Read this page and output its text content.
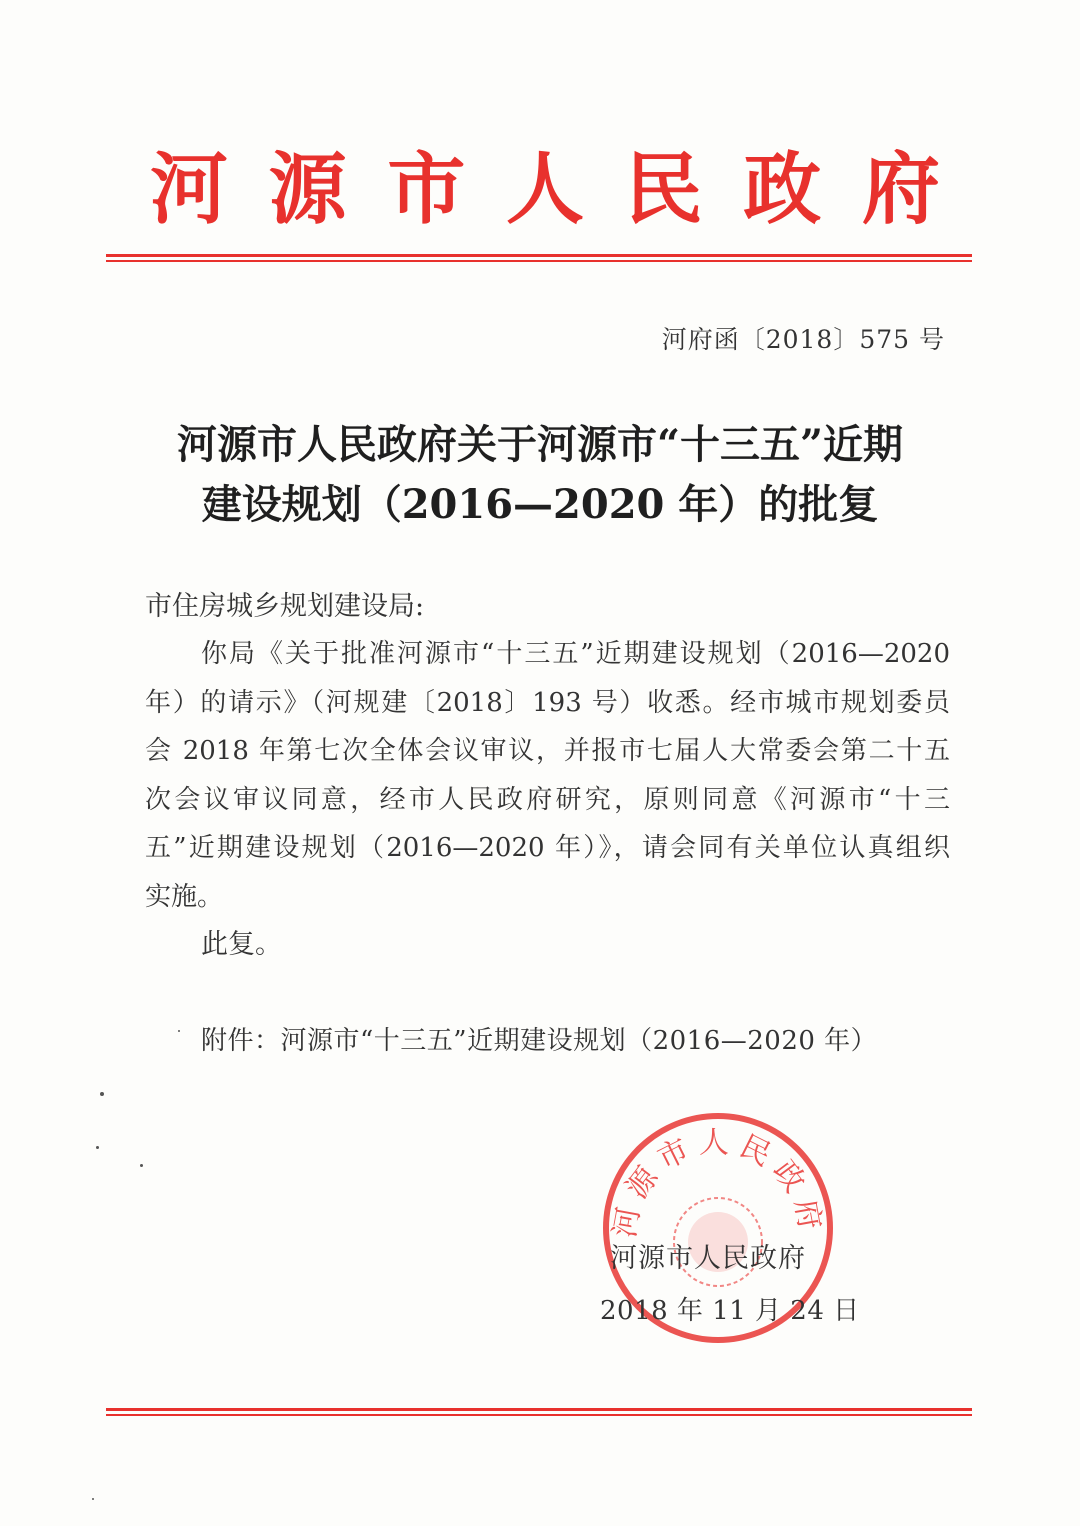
河 源 市 人 民 政 府
河府函〔2018〕575 号
河源市人民政府关于河源市“十三五”近期
建设规划（2016—2020 年）的批复
市住房城乡规划建设局:
你局《关于批准河源市“十三五”近期建设规划（2016—2020
年）的请示》（河规建〔2018〕193 号）收悉。经市城市规划委员
会 2018 年第七次全体会议审议，并报市七届人大常委会第二十五
次会议审议同意，经市人民政府研究，原则同意《河源市“十三
五”近期建设规划（2016—2020 年）》，请会同有关单位认真组织
实施。
此复。
附件：河源市“十三五”近期建设规划（2016—2020 年）
河源市人民政府
河源市人民政府
2018 年 11 月 24 日
